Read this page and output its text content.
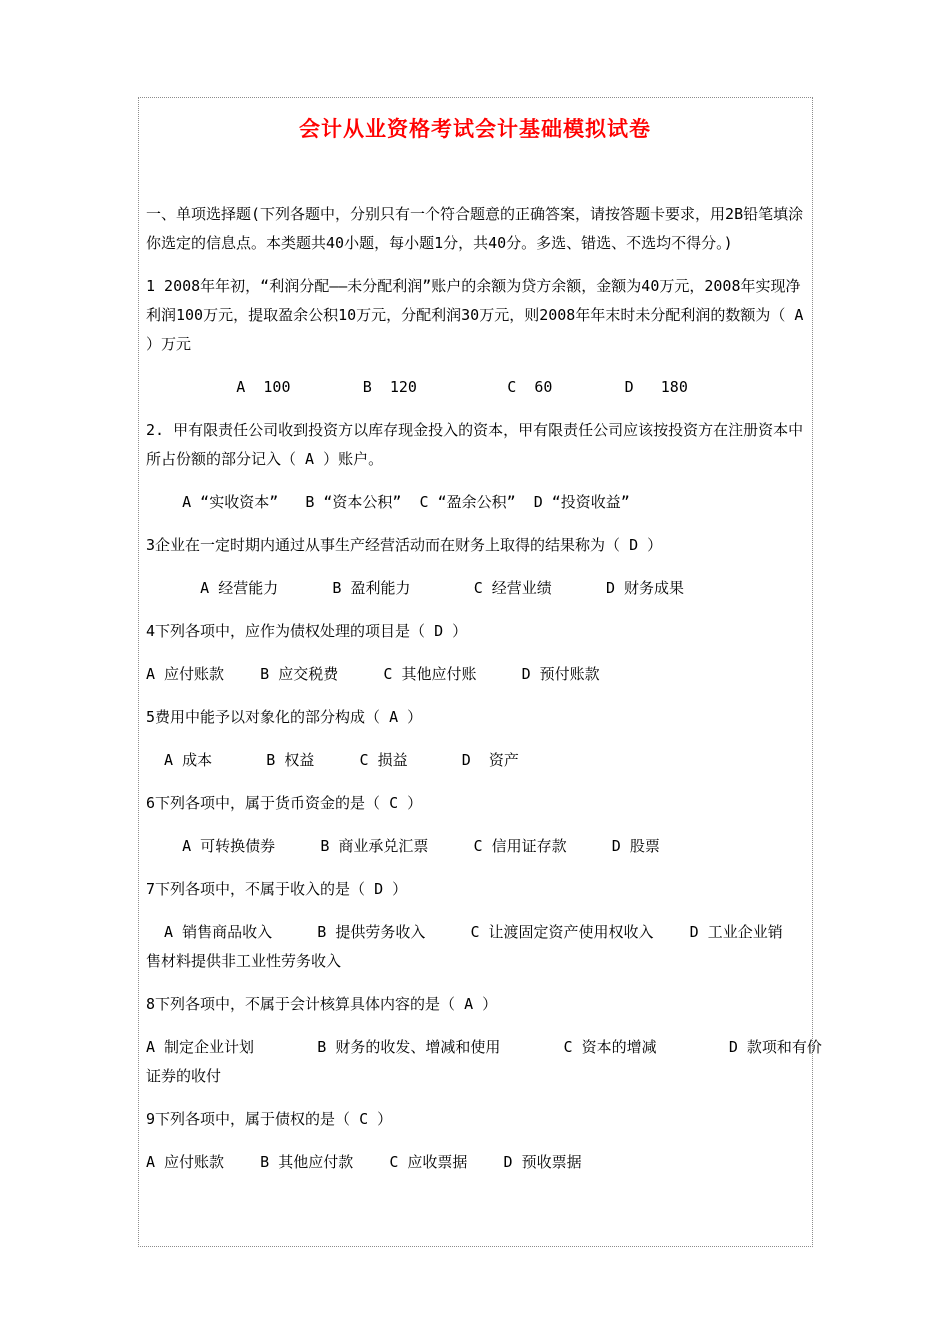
会计从业资格考试会计基础模拟试卷

一、单项选择题(下列各题中，分别只有一个符合题意的正确答案，请按答题卡要求，用2B铅笔填涂你选定的信息点。本类题共40小题，每小题1分，共40分。多选、错选、不选均不得分。)

1 2008年年初，“利润分配——未分配利润”账户的余额为贷方余额，金额为40万元，2008年实现净利润100万元，提取盈余公积10万元，分配利润30万元，则2008年年末时未分配利润的数额为（ A ）万元

A  100        B  120          C  60        D   180

2. 甲有限责任公司收到投资方以库存现金投入的资本，甲有限责任公司应该按投资方在注册资本中所占份额的部分记入（ A ）账户。

A “实收资本”   B “资本公积”  C “盈余公积”  D “投资收益”

3企业在一定时期内通过从事生产经营活动而在财务上取得的结果称为（ D ）

A 经营能力      B 盈利能力       C 经营业绩      D 财务成果

4下列各项中，应作为债权处理的项目是（ D ）

A 应付账款    B 应交税费     C 其他应付账     D 预付账款

5费用中能予以对象化的部分构成（ A ）

A 成本      B 权益     C 损益      D  资产

6下列各项中，属于货币资金的是（ C ）

A 可转换债券     B 商业承兑汇票     C 信用证存款     D 股票

7下列各项中，不属于收入的是（ D ）

A 销售商品收入     B 提供劳务收入     C 让渡固定资产使用权收入    D 工业企业销
售材料提供非工业性劳务收入

8下列各项中，不属于会计核算具体内容的是（ A ）

A 制定企业计划       B 财务的收发、增减和使用       C 资本的增减        D 款项和有价
证券的收付

9下列各项中，属于债权的是（ C ）

A 应付账款    B 其他应付款    C 应收票据    D 预收票据
